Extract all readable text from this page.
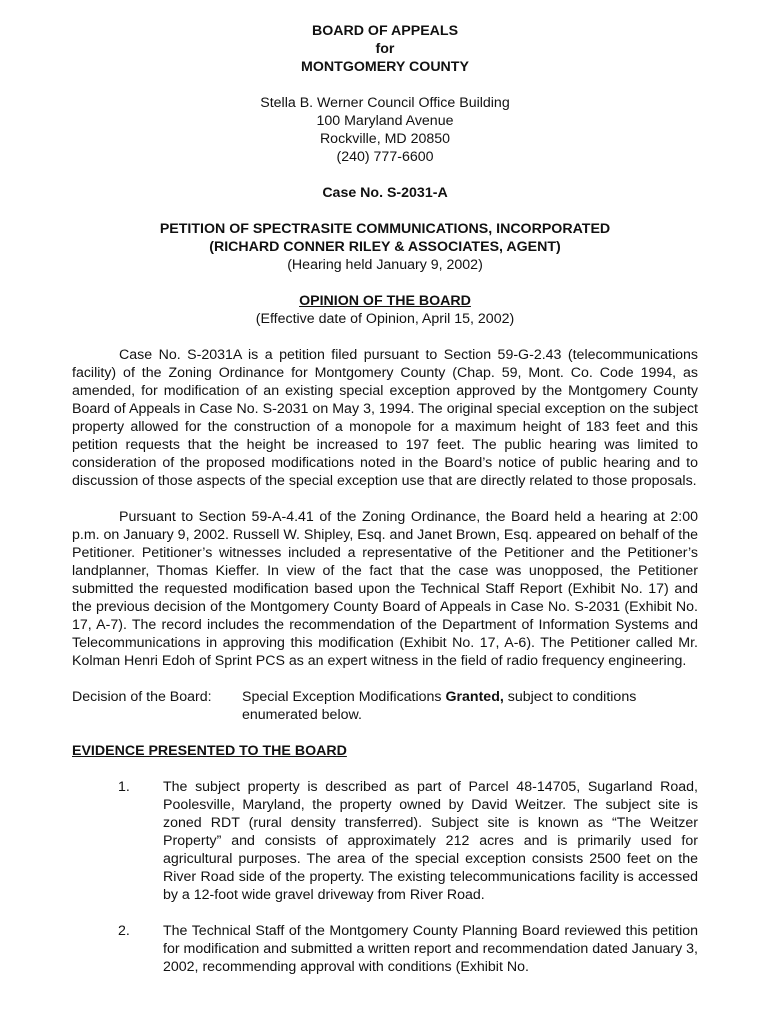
BOARD OF APPEALS
for
MONTGOMERY COUNTY
Stella B. Werner Council Office Building
100 Maryland Avenue
Rockville, MD 20850
(240) 777-6600
Case No. S-2031-A
PETITION OF SPECTRASITE COMMUNICATIONS, INCORPORATED
(RICHARD CONNER RILEY & ASSOCIATES, AGENT)
(Hearing held January 9, 2002)
OPINION OF THE BOARD
(Effective date of Opinion, April 15, 2002)

Case No. S-2031A is a petition filed pursuant to Section 59-G-2.43 (telecommunications facility) of the Zoning Ordinance for Montgomery County (Chap. 59, Mont. Co. Code 1994, as amended, for modification of an existing special exception approved by the Montgomery County Board of Appeals in Case No. S-2031 on May 3, 1994. The original special exception on the subject property allowed for the construction of a monopole for a maximum height of 183 feet and this petition requests that the height be increased to 197 feet. The public hearing was limited to consideration of the proposed modifications noted in the Board’s notice of public hearing and to discussion of those aspects of the special exception use that are directly related to those proposals.

Pursuant to Section 59-A-4.41 of the Zoning Ordinance, the Board held a hearing at 2:00 p.m. on January 9, 2002. Russell W. Shipley, Esq. and Janet Brown, Esq. appeared on behalf of the Petitioner. Petitioner’s witnesses included a representative of the Petitioner and the Petitioner’s landplanner, Thomas Kieffer. In view of the fact that the case was unopposed, the Petitioner submitted the requested modification based upon the Technical Staff Report (Exhibit No. 17) and the previous decision of the Montgomery County Board of Appeals in Case No. S-2031 (Exhibit No. 17, A-7). The record includes the recommendation of the Department of Information Systems and Telecommunications in approving this modification (Exhibit No. 17, A-6). The Petitioner called Mr. Kolman Henri Edoh of Sprint PCS as an expert witness in the field of radio frequency engineering.

Decision of the Board:	Special Exception Modifications Granted, subject to conditions enumerated below.
EVIDENCE PRESENTED TO THE BOARD
1.	The subject property is described as part of Parcel 48-14705, Sugarland Road, Poolesville, Maryland, the property owned by David Weitzer. The subject site is zoned RDT (rural density transferred). Subject site is known as “The Weitzer Property” and consists of approximately 212 acres and is primarily used for agricultural purposes. The area of the special exception consists 2500 feet on the River Road side of the property. The existing telecommunications facility is accessed by a 12-foot wide gravel driveway from River Road.
2.	The Technical Staff of the Montgomery County Planning Board reviewed this petition for modification and submitted a written report and recommendation dated January 3, 2002, recommending approval with conditions (Exhibit No.
